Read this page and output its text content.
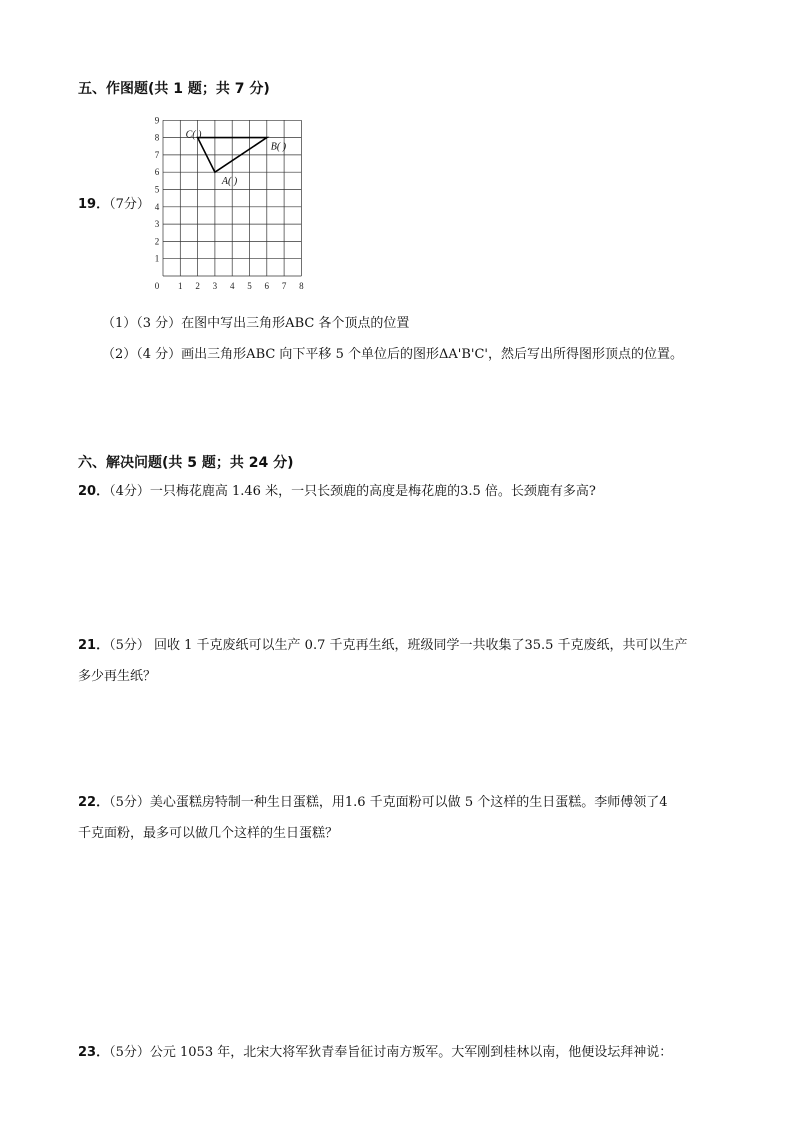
五、作图题(共 1 题；共 7 分)
19．（7分）
0 1 2 3 4 5 6 7 8
1
2
3
4
5
6
7
8
9
C( )
B( )
A( )
（1）（3 分）在图中写出三角形ABC 各个顶点的位置
（2）（4 分）画出三角形ABC 向下平移 5 个单位后的图形ΔA'B'C'，然后写出所得图形顶点的位置。
六、解决问题(共 5 题；共 24 分)
20．（4分）一只梅花鹿高 1.46 米，一只长颈鹿的高度是梅花鹿的3.5 倍。长颈鹿有多高?
21．（5分） 回收 1 千克废纸可以生产 0.7 千克再生纸，班级同学一共收集了35.5 千克废纸，共可以生产
多少再生纸？
22．（5分）美心蛋糕房特制一种生日蛋糕，用1.6 千克面粉可以做 5 个这样的生日蛋糕。李师傅领了4
千克面粉，最多可以做几个这样的生日蛋糕？
23．（5分）公元 1053 年，北宋大将军狄青奉旨征讨南方叛军。大军刚到桂林以南，他便设坛拜神说：
